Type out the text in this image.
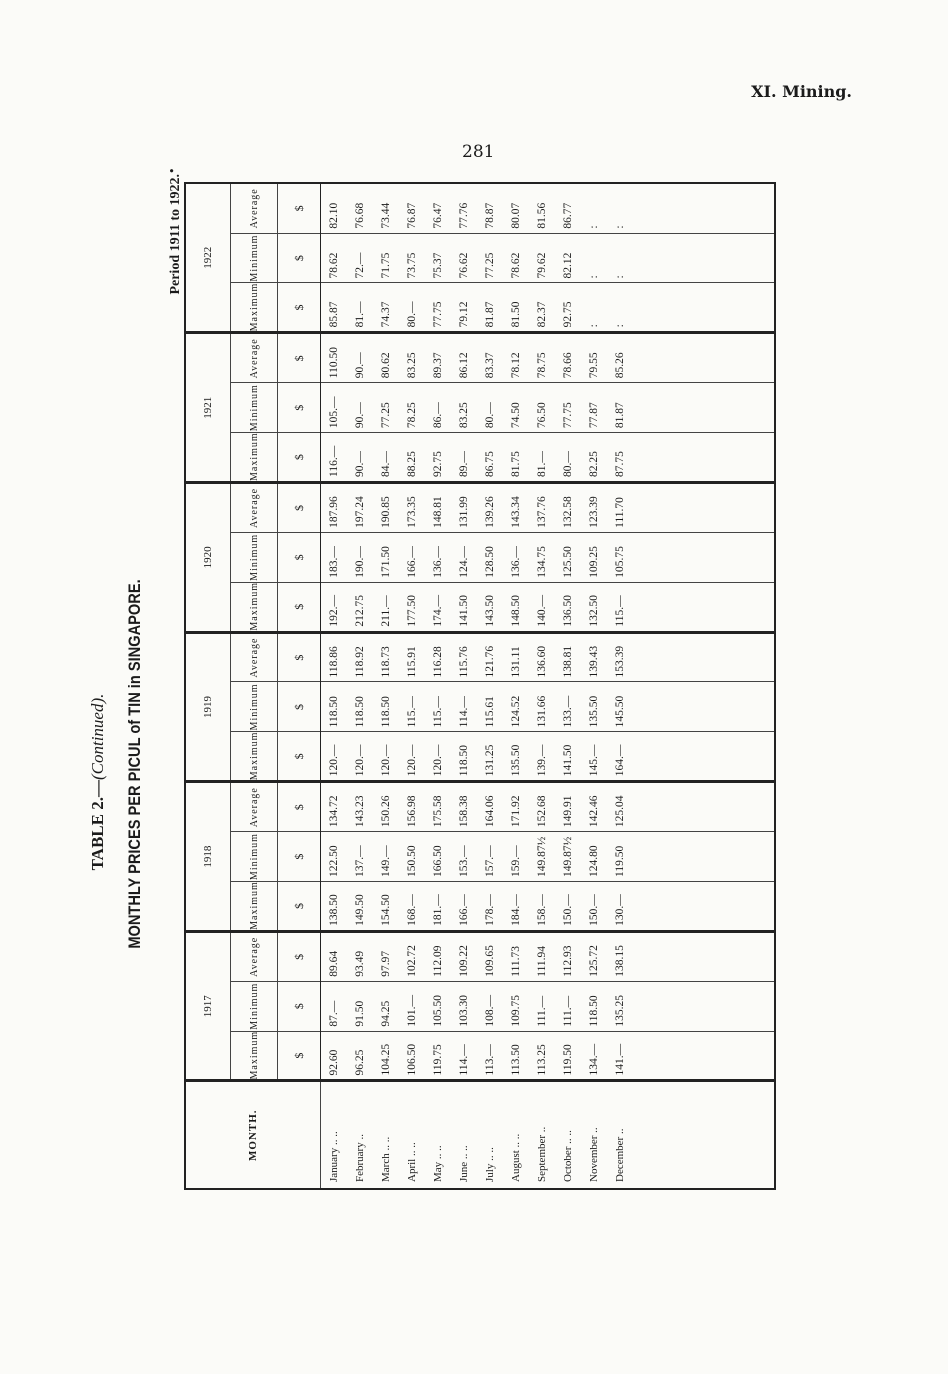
XI. Mining.
281
TABLE 2.—(Continued). MONTHLY PRICES PER PICUL of TIN in SINGAPORE.
Period 1911 to 1922.
•
MONTH.	1917			1918			1919			1920			1921			1922		
	Maximum	Minimum	Average	Maximum	Minimum	Average	Maximum	Minimum	Average	Maximum	Minimum	Average	Maximum	Minimum	Average	Maximum	Minimum	Average
	$	$	$	$	$	$	$	$	$	$	$	$	$	$	$	$	$	$
January .. ..	92.60	87.—	89.64	138.50	122.50	134.72	120.—	118.50	118.86	192.—	183.—	187.96	116.—	105.—	110.50	85.87	78.62	82.10
February ..	96.25	91.50	93.49	149.50	137.—	143.23	120.—	118.50	118.92	212.75	190.—	197.24	90.—	90.—	90.—	81.—	72.—	76.68
March .. ..	104.25	94.25	97.97	154.50	149.—	150.26	120.—	118.50	118.73	211.—	171.50	190.85	84.—	77.25	80.62	74.37	71.75	73.44
April .. ..	106.50	101.—	102.72	168.—	150.50	156.98	120.—	115.—	115.91	177.50	166.—	173.35	88.25	78.25	83.25	80.—	73.75	76.87
May .. ..	119.75	105.50	112.09	181.—	166.50	175.58	120.—	115.—	116.28	174.—	136.—	148.81	92.75	86.—	89.37	77.75	75.37	76.47
June .. ..	114.—	103.30	109.22	166.—	153.—	158.38	118.50	114.—	115.76	141.50	124.—	131.99	89.—	83.25	86.12	79.12	76.62	77.76
July .. ..	113.—	108.—	109.65	178.—	157.—	164.06	131.25	115.61	121.76	143.50	128.50	139.26	86.75	80.—	83.37	81.87	77.25	78.87
August .. ..	113.50	109.75	111.73	184.—	159.—	171.92	135.50	124.52	131.11	148.50	136.—	143.34	81.75	74.50	78.12	81.50	78.62	80.07
September ..	113.25	111.—	111.94	158.—	149.87½	152.68	139.—	131.66	136.60	140.—	134.75	137.76	81.—	76.50	78.75	82.37	79.62	81.56
October .. ..	119.50	111.—	112.93	150.—	149.87½	149.91	141.50	133.—	138.81	136.50	125.50	132.58	80.—	77.75	78.66	92.75	82.12	86.77
November ..	134.—	118.50	125.72	150.—	124.80	142.46	145.—	135.50	139.43	132.50	109.25	123.39	82.25	77.87	79.55	:	:	:
December ..	141.—	135.25	138.15	130.—	119.50	125.04	164.—	145.50	153.39	115.—	105.75	111.70	87.75	81.87	85.26	:	:	:
